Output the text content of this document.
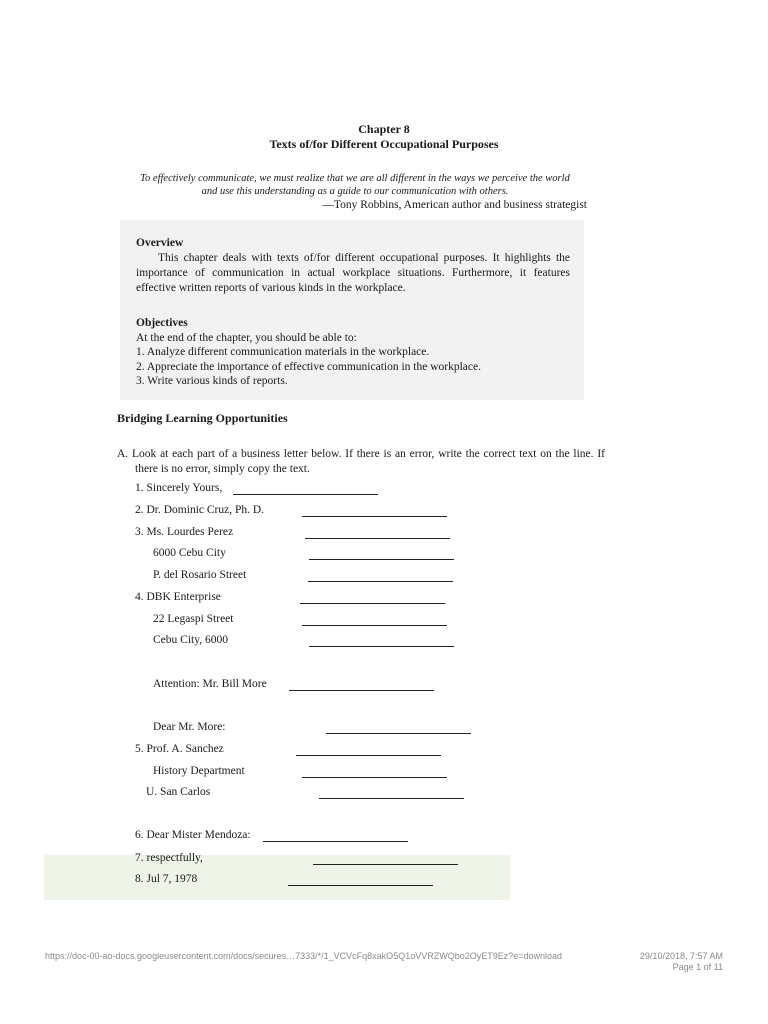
Chapter 8
Texts of/for Different Occupational Purposes
To effectively communicate, we must realize that we are all different in the ways we perceive the world
and use this understanding as a guide to our communication with others.
—Tony Robbins, American author and business strategist
Overview
This chapter deals with texts of/for different occupational purposes. It highlights the importance of communication in actual workplace situations. Furthermore, it features effective written reports of various kinds in the workplace.
Objectives
At the end of the chapter, you should be able to:
1. Analyze different communication materials in the workplace.
2. Appreciate the importance of effective communication in the workplace.
3. Write various kinds of reports.
Bridging Learning Opportunities
A. Look at each part of a business letter below. If there is an error, write the correct text on the line. If there is no error, simply copy the text.
1. Sincerely Yours,
2. Dr. Dominic Cruz, Ph. D.
3. Ms. Lourdes Perez
6000 Cebu City
P. del Rosario Street
4. DBK Enterprise
22 Legaspi Street
Cebu City, 6000
Attention: Mr. Bill More
Dear Mr. More:
5. Prof. A. Sanchez
History Department
U. San Carlos
6. Dear Mister Mendoza:
7. respectfully,
8. Jul 7, 1978
https://doc-00-ao-docs.googleusercontent.com/docs/secures…7333/*/1_VCVcFq8xakO5Q1oVVRZWQbo2OyET9Ez?e=download	29/10/2018, 7:57 AM
Page 1 of 11
